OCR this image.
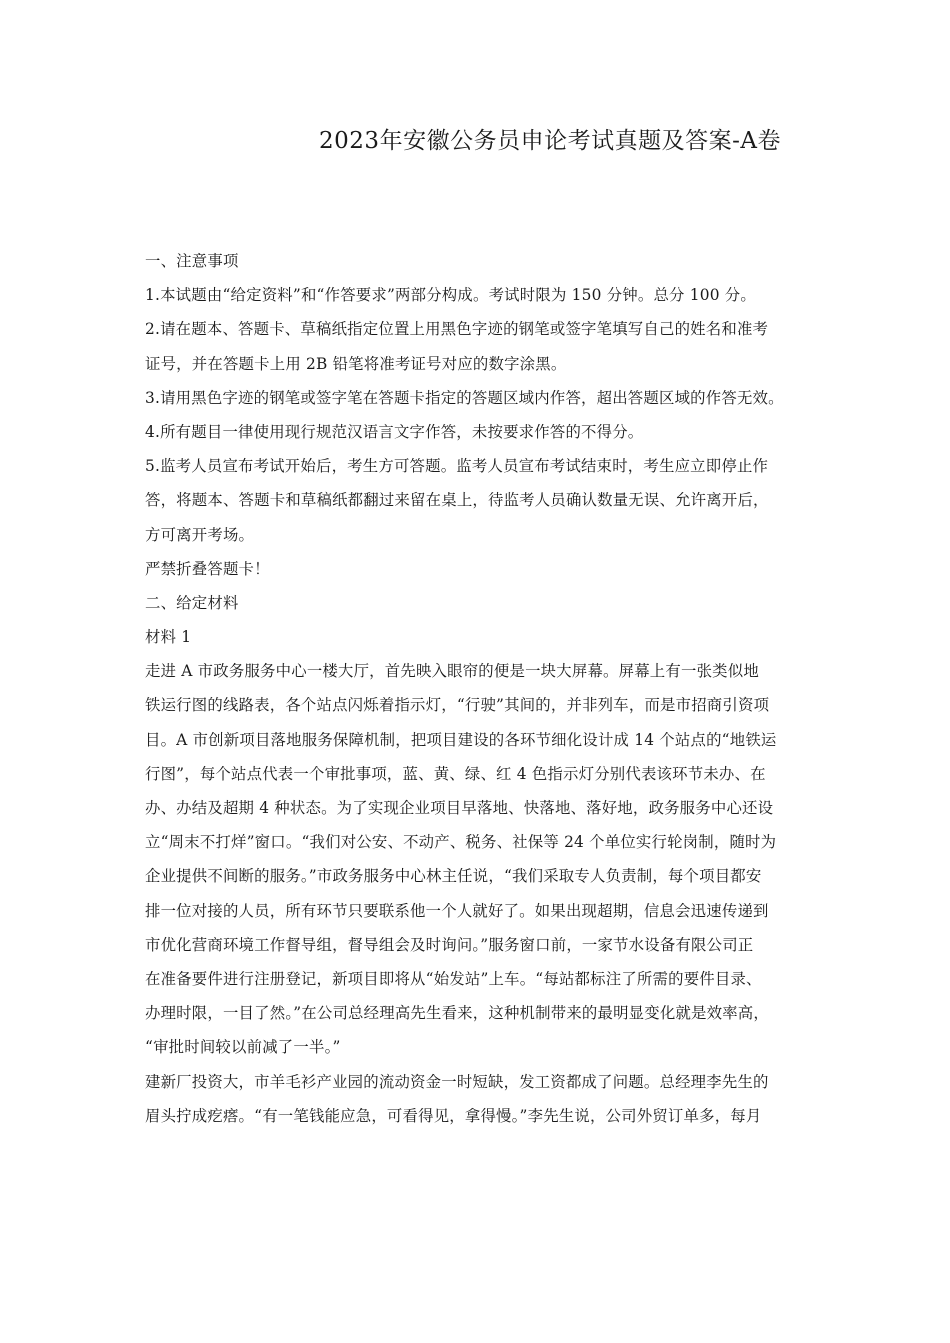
2023年安徽公务员申论考试真题及答案-A卷
一、注意事项
1.本试题由“给定资料”和“作答要求”两部分构成。考试时限为 150 分钟。总分 100 分。
2.请在题本、答题卡、草稿纸指定位置上用黑色字迹的钢笔或签字笔填写自己的姓名和准考
证号，并在答题卡上用 2B 铅笔将准考证号对应的数字涂黑。
3.请用黑色字迹的钢笔或签字笔在答题卡指定的答题区域内作答，超出答题区域的作答无效。
4.所有题目一律使用现行规范汉语言文字作答，未按要求作答的不得分。
5.监考人员宣布考试开始后，考生方可答题。监考人员宣布考试结束时，考生应立即停止作
答，将题本、答题卡和草稿纸都翻过来留在桌上，待监考人员确认数量无误、允许离开后，
方可离开考场。
严禁折叠答题卡！
二、给定材料
材料 1
走进 A 市政务服务中心一楼大厅，首先映入眼帘的便是一块大屏幕。屏幕上有一张类似地
铁运行图的线路表，各个站点闪烁着指示灯，“行驶”其间的，并非列车，而是市招商引资项
目。A 市创新项目落地服务保障机制，把项目建设的各环节细化设计成 14 个站点的“地铁运
行图”，每个站点代表一个审批事项，蓝、黄、绿、红 4 色指示灯分别代表该环节未办、在
办、办结及超期 4 种状态。为了实现企业项目早落地、快落地、落好地，政务服务中心还设
立“周末不打烊”窗口。“我们对公安、不动产、税务、社保等 24 个单位实行轮岗制，随时为
企业提供不间断的服务。”市政务服务中心林主任说，“我们采取专人负责制，每个项目都安
排一位对接的人员，所有环节只要联系他一个人就好了。如果出现超期，信息会迅速传递到
市优化营商环境工作督导组，督导组会及时询问。”服务窗口前，一家节水设备有限公司正
在准备要件进行注册登记，新项目即将从“始发站”上车。“每站都标注了所需的要件目录、
办理时限，一目了然。”在公司总经理高先生看来，这种机制带来的最明显变化就是效率高，
“审批时间较以前减了一半。”
建新厂投资大，市羊毛衫产业园的流动资金一时短缺，发工资都成了问题。总经理李先生的
眉头拧成疙瘩。“有一笔钱能应急，可看得见，拿得慢。”李先生说，公司外贸订单多，每月
